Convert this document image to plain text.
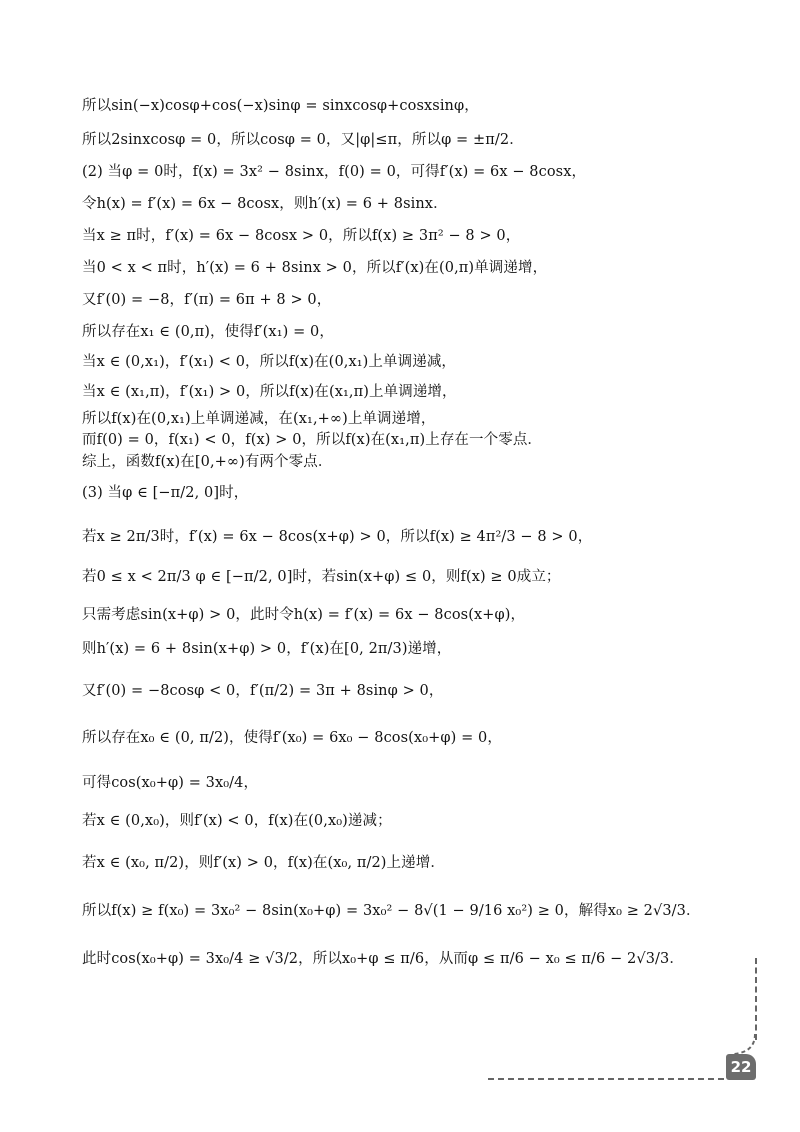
所以sin(−x)cosφ+cos(−x)sinφ = sinxcosφ+cosxsinφ，

所以2sinxcosφ = 0，所以cosφ = 0，又|φ|≤π，所以φ = ±π/2．

(2) 当φ = 0时，f(x) = 3x² − 8sinx，f(0) = 0，可得f′(x) = 6x − 8cosx，

令h(x) = f′(x) = 6x − 8cosx，则h′(x) = 6 + 8sinx．

当x ≥ π时，f′(x) = 6x − 8cosx > 0，所以f(x) ≥ 3π² − 8 > 0，

当0 < x < π时，h′(x) = 6 + 8sinx > 0，所以f′(x)在(0,π)单调递增，

又f′(0) = −8，f′(π) = 6π + 8 > 0，

所以存在x₁ ∈ (0,π)，使得f′(x₁) = 0，

当x ∈ (0,x₁)，f′(x₁) < 0，所以f(x)在(0,x₁)上单调递减，

当x ∈ (x₁,π)，f′(x₁) > 0，所以f(x)在(x₁,π)上单调递增，

所以f(x)在(0,x₁)上单调递减，在(x₁,+∞)上单调递增，

而f(0) = 0，f(x₁) < 0，f(x) > 0，所以f(x)在(x₁,π)上存在一个零点．

综上，函数f(x)在[0,+∞)有两个零点．

(3) 当φ ∈ [−π/2, 0]时，

若x ≥ 2π/3时，f′(x) = 6x − 8cos(x+φ) > 0，所以f(x) ≥ 4π²/3 − 8 > 0，

若0 ≤ x < 2π/3 φ ∈ [−π/2, 0]时，若sin(x+φ) ≤ 0，则f(x) ≥ 0成立；

只需考虑sin(x+φ) > 0，此时令h(x) = f′(x) = 6x − 8cos(x+φ)，

则h′(x) = 6 + 8sin(x+φ) > 0，f′(x)在[0, 2π/3)递增，

又f′(0) = −8cosφ < 0，f′(π/2) = 3π + 8sinφ > 0，

所以存在x₀ ∈ (0, π/2)，使得f′(x₀) = 6x₀ − 8cos(x₀+φ) = 0，

可得cos(x₀+φ) = 3x₀/4，

若x ∈ (0,x₀)，则f′(x) < 0，f(x)在(0,x₀)递减；

若x ∈ (x₀, π/2)，则f′(x) > 0，f(x)在(x₀, π/2)上递增．

所以f(x) ≥ f(x₀) = 3x₀² − 8sin(x₀+φ) = 3x₀² − 8√(1 − 9/16 x₀²) ≥ 0，解得x₀ ≥ 2√3/3．

此时cos(x₀+φ) = 3x₀/4 ≥ √3/2，所以x₀+φ ≤ π/6，从而φ ≤ π/6 − x₀ ≤ π/6 − 2√3/3．

22
